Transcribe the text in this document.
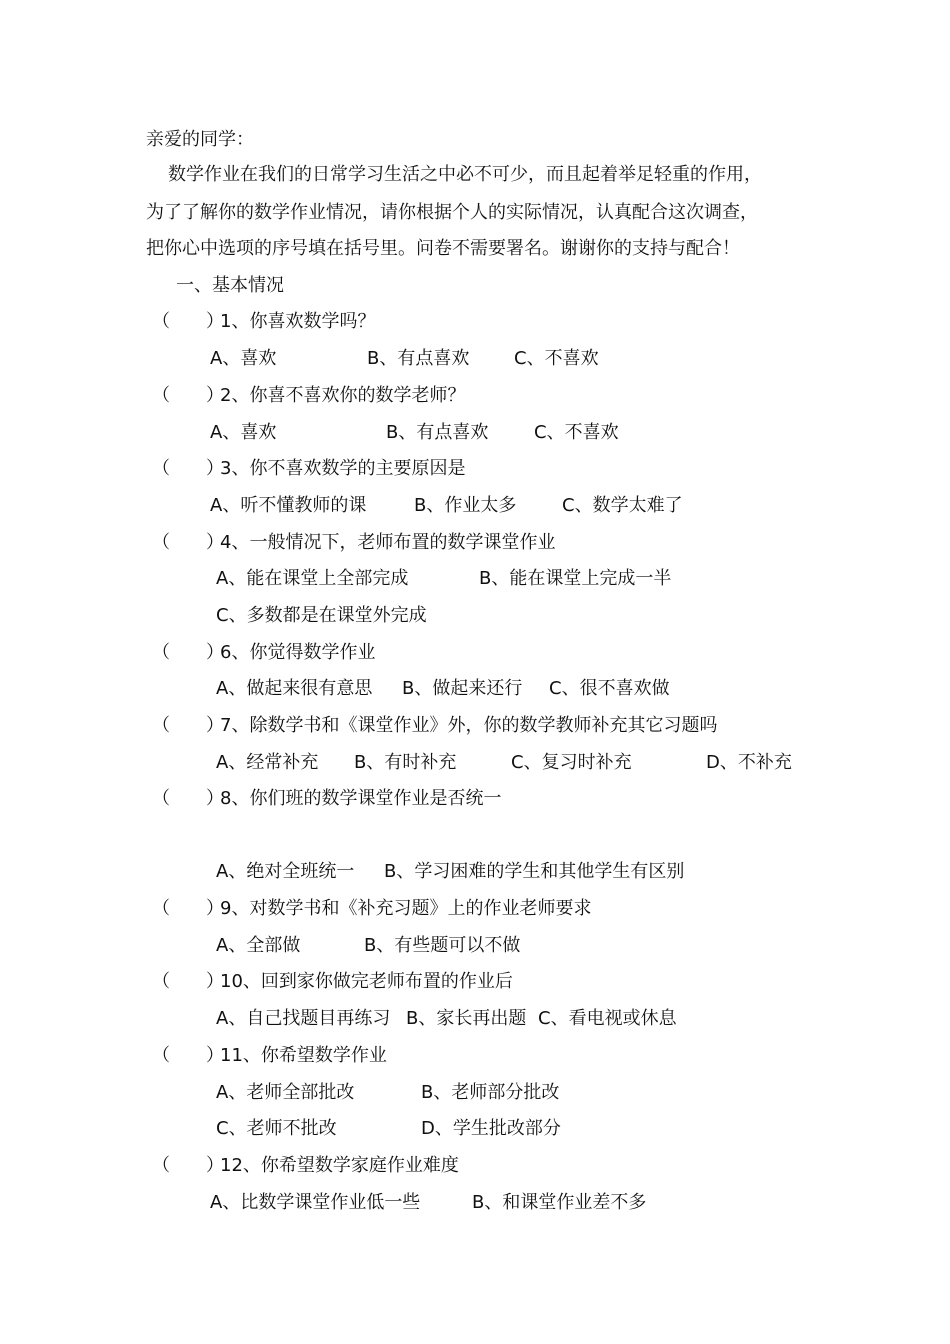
亲爱的同学：
数学作业在我们的日常学习生活之中必不可少，而且起着举足轻重的作用，
为了了解你的数学作业情况，请你根据个人的实际情况，认真配合这次调查，
把你心中选项的序号填在括号里。问卷不需要署名。谢谢你的支持与配合！
一、基本情况
（　　）
1、你喜欢数学吗？
A、喜欢	B、有点喜欢 C、不喜欢
（　　）
2、你喜不喜欢你的数学老师？
A、喜欢	B、有点喜欢	C、不喜欢
（　　）
3、你不喜欢数学的主要原因是
A、听不懂教师的课	B、作业太多	C、数学太难了
（　　）
4、一般情况下，老师布置的数学课堂作业
A、能在课堂上全部完成	B、能在课堂上完成一半
C、多数都是在课堂外完成
（　　）
6、你觉得数学作业
A、做起来很有意思 B、做起来还行 C、很不喜欢做
（　　）
7、除数学书和《课堂作业》外，你的数学教师补充其它习题吗
A、经常补充 B、有时补充	C、复习时补充	D、不补充
（　　）
8、你们班的数学课堂作业是否统一
A、绝对全班统一 B、学习困难的学生和其他学生有区别
（　　）
9、对数学书和《补充习题》上的作业老师要求
A、全部做	B、有些题可以不做
（　　）
10、回到家你做完老师布置的作业后
A、自己找题目再练习 B、家长再出题 C、看电视或休息
（　　）
11、你希望数学作业
A、老师全部批改	B、老师部分批改
C、老师不批改	D、学生批改部分
（　　）
12、你希望数学家庭作业难度
A、比数学课堂作业低一些	B、和课堂作业差不多
